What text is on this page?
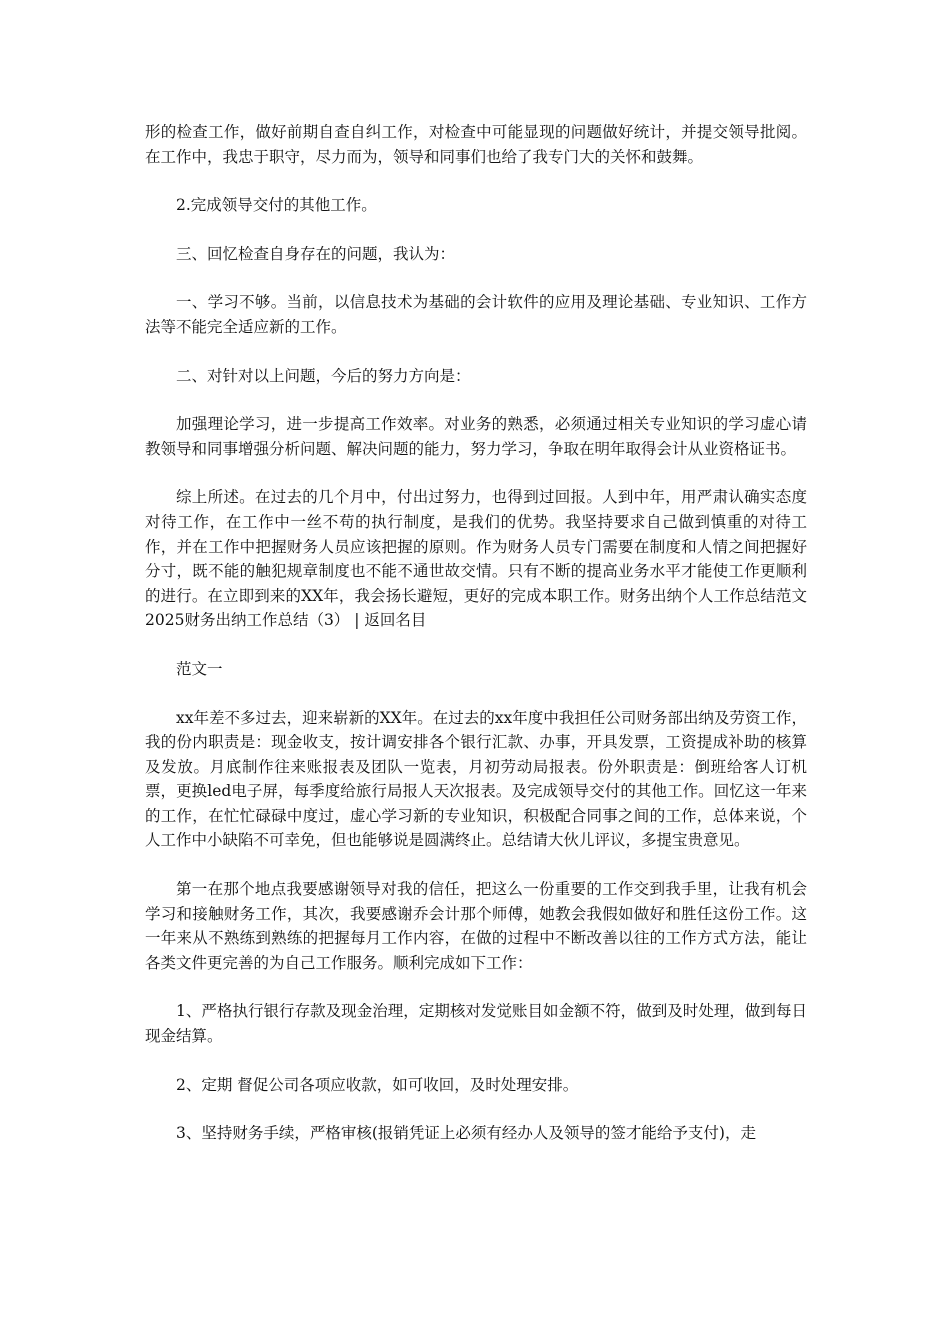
形的检查工作，做好前期自查自纠工作，对检查中可能显现的问题做好统计，并提交领导批阅。在工作中，我忠于职守，尽力而为，领导和同事们也给了我专门大的关怀和鼓舞。

2.完成领导交付的其他工作。

三、回忆检查自身存在的问题，我认为：

一、学习不够。当前，以信息技术为基础的会计软件的应用及理论基础、专业知识、工作方法等不能完全适应新的工作。

二、对针对以上问题，今后的努力方向是：

加强理论学习，进一步提高工作效率。对业务的熟悉，必须通过相关专业知识的学习虚心请教领导和同事增强分析问题、解决问题的能力，努力学习，争取在明年取得会计从业资格证书。

综上所述。在过去的几个月中，付出过努力，也得到过回报。人到中年，用严肃认确实态度对待工作，在工作中一丝不苟的执行制度，是我们的优势。我坚持要求自己做到慎重的对待工作，并在工作中把握财务人员应该把握的原则。作为财务人员专门需要在制度和人情之间把握好分寸，既不能的触犯规章制度也不能不通世故交情。只有不断的提高业务水平才能使工作更顺利的进行。在立即到来的XX年，我会扬长避短，更好的完成本职工作。财务出纳个人工作总结范文2025财务出纳工作总结（3） | 返回名目

范文一

xx年差不多过去，迎来崭新的XX年。在过去的xx年度中我担任公司财务部出纳及劳资工作，我的份内职责是：现金收支，按计调安排各个银行汇款、办事，开具发票，工资提成补助的核算及发放。月底制作往来账报表及团队一览表，月初劳动局报表。份外职责是：倒班给客人订机票，更换led电子屏，每季度给旅行局报人天次报表。及完成领导交付的其他工作。回忆这一年来的工作，在忙忙碌碌中度过，虚心学习新的专业知识，积极配合同事之间的工作，总体来说，个人工作中小缺陷不可幸免，但也能够说是圆满终止。总结请大伙儿评议，多提宝贵意见。

第一在那个地点我要感谢领导对我的信任，把这么一份重要的工作交到我手里，让我有机会学习和接触财务工作，其次，我要感谢乔会计那个师傅，她教会我假如做好和胜任这份工作。这一年来从不熟练到熟练的把握每月工作内容，在做的过程中不断改善以往的工作方式方法，能让各类文件更完善的为自己工作服务。顺利完成如下工作：

1、严格执行银行存款及现金治理，定期核对发觉账目如金额不符，做到及时处理，做到每日现金结算。

2、定期 督促公司各项应收款，如可收回，及时处理安排。

3、坚持财务手续，严格审核(报销凭证上必须有经办人及领导的签才能给予支付)，走
